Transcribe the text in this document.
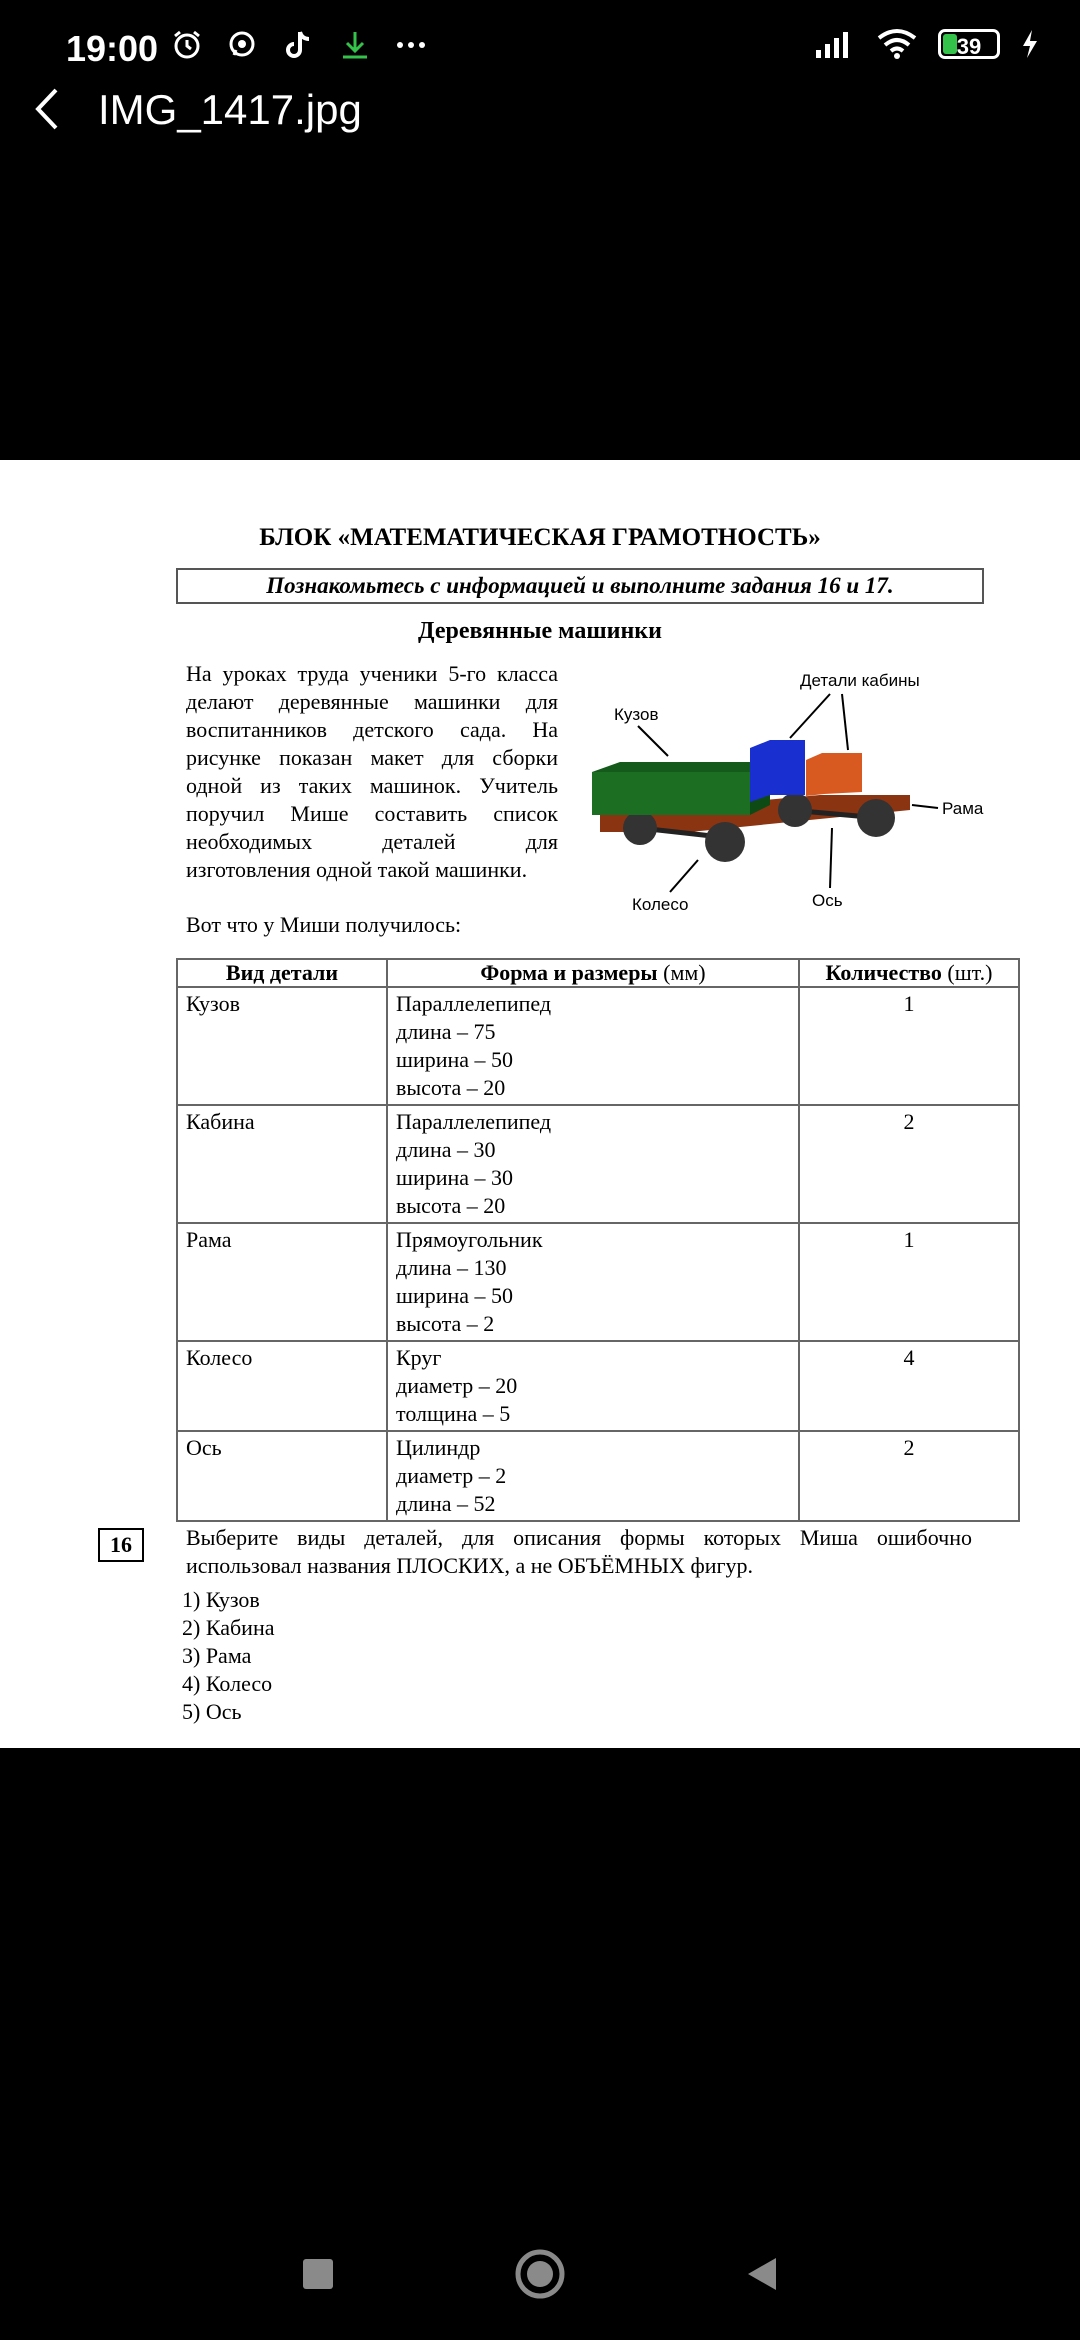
19:00	39
IMG_1417.jpg
БЛОК «МАТЕМАТИЧЕСКАЯ ГРАМОТНОСТЬ»
Познакомьтесь с информацией и выполните задания 16 и 17.
Деревянные машинки
На уроках труда ученики 5-го класса делают деревянные машинки для воспитанников детского сада. На рисунке показан макет для сборки одной из таких машинок. Учитель поручил Мише составить список необходимых деталей для изготовления одной такой машинки.
Вот что у Миши получилось:
Кузов
Детали кабины
Рама
Колесо	Ось
Вид детали	Форма и размеры (мм)	Количество (шт.)
Кузов	Параллелепипед
длина – 75
ширина – 50
высота – 20	1
Кабина	Параллелепипед
длина – 30
ширина – 30
высота – 20	2
Рама	Прямоугольник
длина – 130
ширина – 50
высота – 2	1
Колесо	Круг
диаметр – 20
толщина – 5	4
Ось	Цилиндр
диаметр – 2
длина – 52	2
16	Выберите виды деталей, для описания формы которых Миша ошибочно использовал названия ПЛОСКИХ, а не ОБЪЁМНЫХ фигур.
1) Кузов
2) Кабина
3) Рама
4) Колесо
5) Ось
